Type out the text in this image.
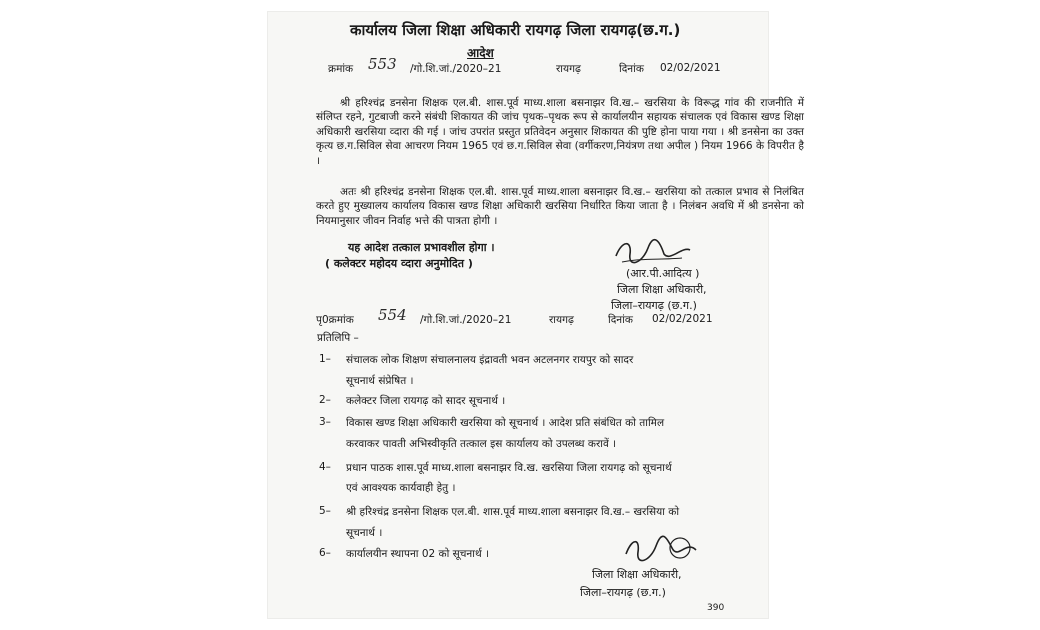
कार्यालय जिला शिक्षा अधिकारी रायगढ़ जिला रायगढ़(छ.ग.)
आदेश
क्रमांक 553 /गो.शि.जां./2020–21	रायगढ़	दिनांक 02/02/2021
श्री हरिश्चंद्र डनसेना शिक्षक एल.बी. शास.पूर्व माध्य.शाला बसनाझर वि.ख.– खरसिया के विरूद्ध गांव की राजनीति में संलिप्त रहने, गुटबाजी करने संबंधी शिकायत की जांच पृथक–पृथक रूप से कार्यालयीन सहायक संचालक एवं विकास खण्ड शिक्षा अधिकारी खरसिया व्दारा की गई । जांच उपरांत प्रस्तुत प्रतिवेदन अनुसार शिकायत की पुष्टि होना पाया गया । श्री डनसेना का उक्त कृत्य छ.ग.सिविल सेवा आचरण नियम 1965 एवं छ.ग.सिविल सेवा (वर्गीकरण,नियंत्रण तथा अपील ) नियम 1966 के विपरीत है ।
अतः श्री हरिश्चंद्र डनसेना शिक्षक एल.बी. शास.पूर्व माध्य.शाला बसनाझर वि.ख.– खरसिया को तत्काल प्रभाव से निलंबित करते हुए मुख्यालय कार्यालय विकास खण्ड शिक्षा अधिकारी खरसिया निर्धारित किया जाता है । निलंबन अवधि में श्री डनसेना को नियमानुसार जीवन निर्वाह भत्ते की पात्रता होगी ।
यह आदेश तत्काल प्रभावशील होगा ।
( कलेक्टर महोदय व्दारा अनुमोदित )
(आर.पी.आदित्य )
जिला शिक्षा अधिकारी,
जिला–रायगढ़ (छ.ग.)
पृ0क्रमांक 554 /गो.शि.जां./2020–21	रायगढ़	दिनांक 02/02/2021
प्रतिलिपि –
1– संचालक लोक शिक्षण संचालनालय इंद्रावती भवन अटलनगर रायपुर को सादर
सूचनार्थ संप्रेषित ।
2– कलेक्टर जिला रायगढ़ को सादर सूचनार्थ ।
3– विकास खण्ड शिक्षा अधिकारी खरसिया को सूचनार्थ । आदेश प्रति संबंधित को तामिल
करवाकर पावती अभिस्वीकृति तत्काल इस कार्यालय को उपलब्ध करावें ।
4– प्रधान पाठक शास.पूर्व माध्य.शाला बसनाझर वि.ख. खरसिया जिला रायगढ़ को सूचनार्थ
एवं आवश्यक कार्यवाही हेतु ।
5– श्री हरिश्चंद्र डनसेना शिक्षक एल.बी. शास.पूर्व माध्य.शाला बसनाझर वि.ख.– खरसिया को
सूचनार्थ ।
6– कार्यालयीन स्थापना 02 को सूचनार्थ ।
जिला शिक्षा अधिकारी,
जिला–रायगढ़ (छ.ग.)
390
